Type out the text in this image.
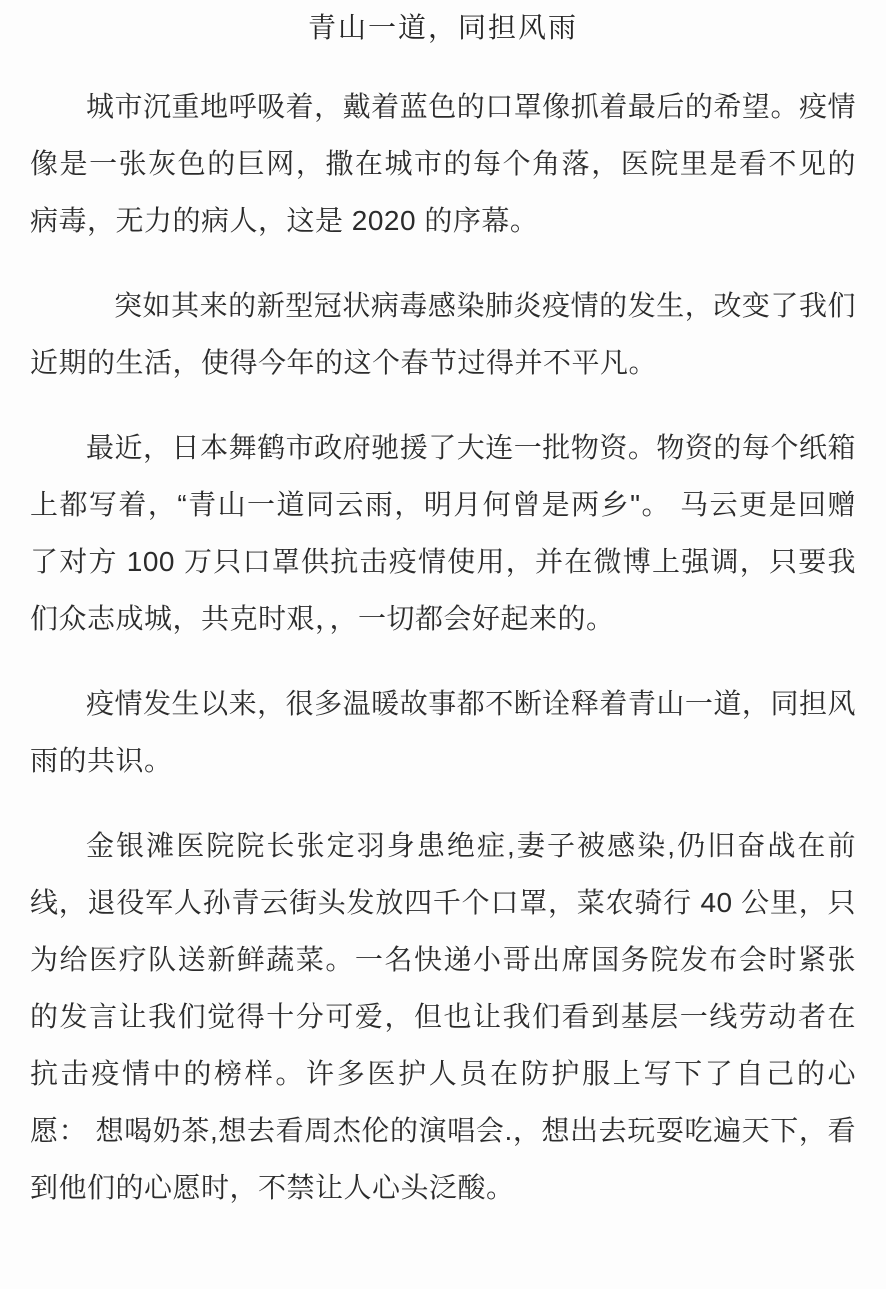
青山一道，同担风雨

城市沉重地呼吸着，戴着蓝色的口罩像抓着最后的希望。疫情像是一张灰色的巨网，撒在城市的每个角落，医院里是看不见的病毒，无力的病人，这是 2020 的序幕。

突如其来的新型冠状病毒感染肺炎疫情的发生，改变了我们近期的生活，使得今年的这个春节过得并不平凡。

最近，日本舞鹤市政府驰援了大连一批物资。物资的每个纸箱上都写着，“青山一道同云雨，明月何曾是两乡"。 马云更是回赠了对方 100 万只口罩供抗击疫情使用，并在微博上强调，只要我们众志成城，共克时艰，，一切都会好起来的。

疫情发生以来，很多温暖故事都不断诠释着青山一道，同担风雨的共识。

金银滩医院院长张定羽身患绝症,妻子被感染,仍旧奋战在前线，退役军人孙青云街头发放四千个口罩，菜农骑行 40 公里，只为给医疗队送新鲜蔬菜。一名快递小哥出席国务院发布会时紧张的发言让我们觉得十分可爱，但也让我们看到基层一线劳动者在抗击疫情中的榜样。许多医护人员在防护服上写下了自己的心愿： 想喝奶茶,想去看周杰伦的演唱会.，想出去玩耍吃遍天下，看到他们的心愿时，不禁让人心头泛酸。
